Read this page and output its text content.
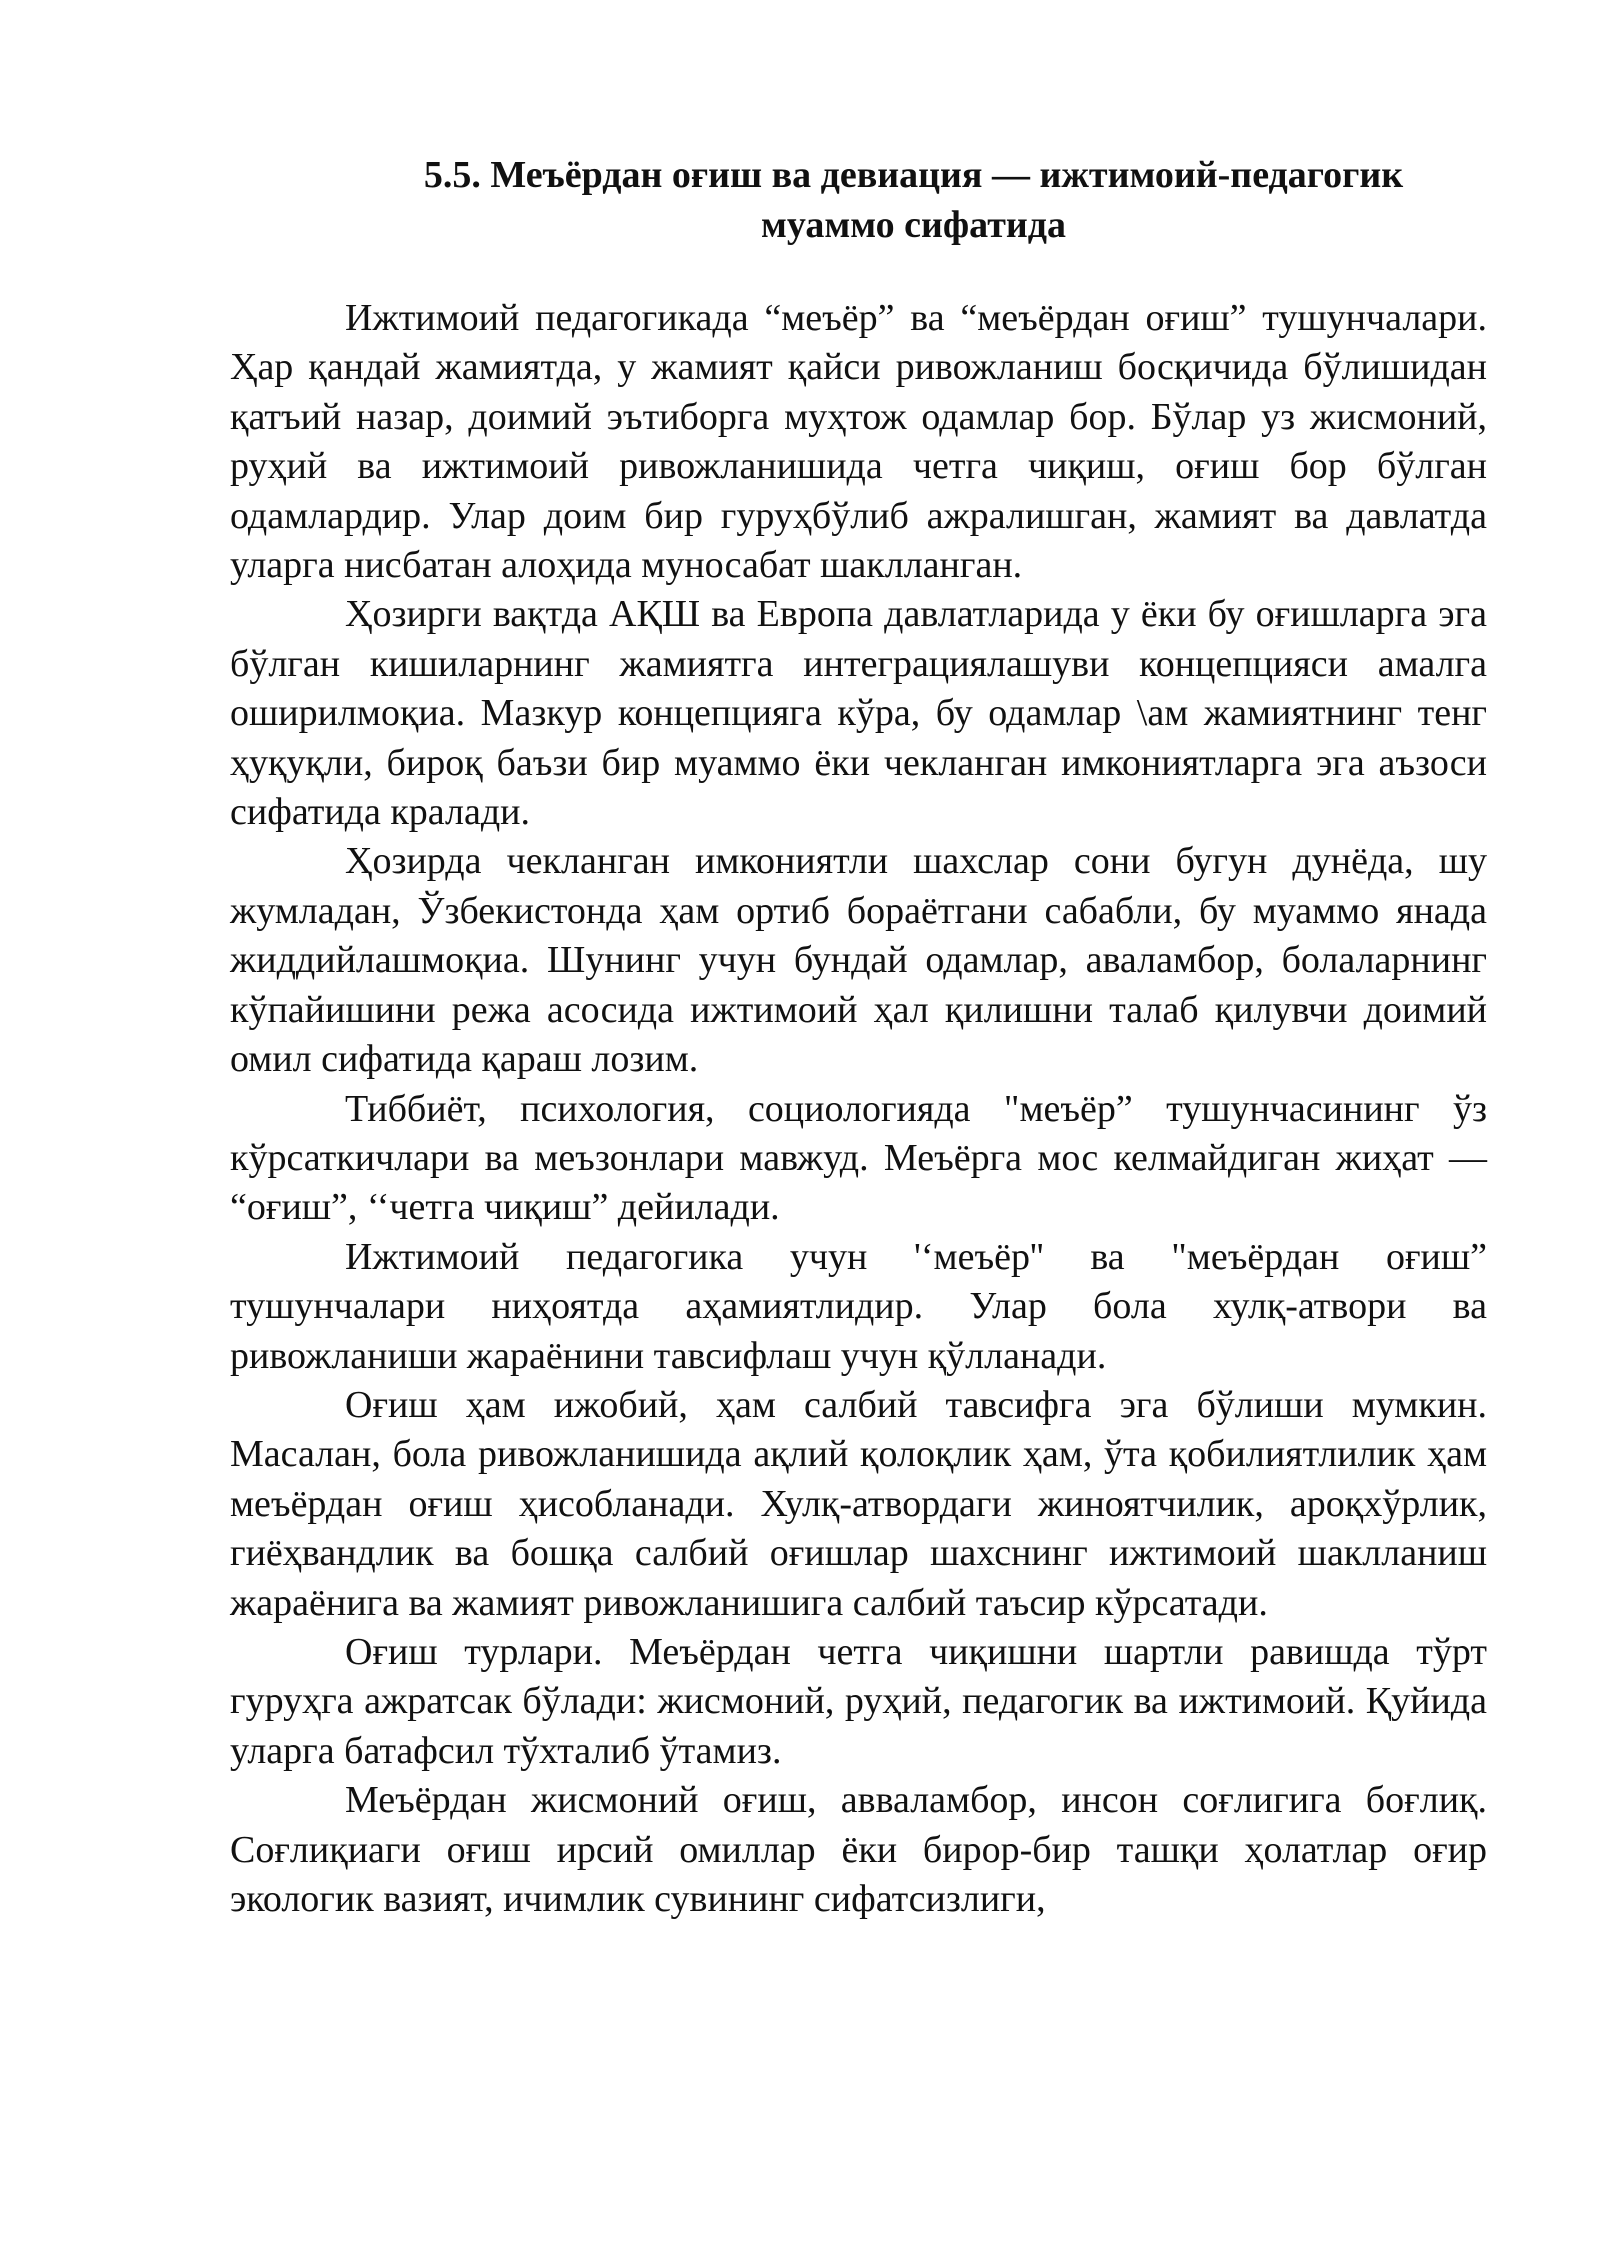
5.5. Меъёрдан оғиш ва девиация — ижтимоий-педагогик
муаммо сифатида

Ижтимоий педагогикада “меъёр” ва “меъёрдан оғиш” тушунчалари. Ҳар қандай жамиятда, у жамият қайси ривожланиш босқичида бўлишидан қатъий назар, доимий эътиборга муҳтож одамлар бор. Бўлар уз жисмоний, руҳий ва ижтимоий ривожланишида четга чиқиш, оғиш бор бўлган одамлардир. Улар доим бир гуруҳбўлиб ажралишган, жамият ва давлатда уларга нисбатан алоҳида муносабат шаклланган.

Ҳозирги вақтда АҚШ ва Европа давлатларида у ёки бу оғишларга эга бўлган кишиларнинг жамиятга интеграциялашуви концепцияси амалга оширилмоқиа. Мазкур концепцияга кўра, бу одамлар \ам жамиятнинг тенг ҳуқуқли, бироқ баъзи бир муаммо ёки чекланган имкониятларга эга аъзоси сифатида кралади.

Ҳозирда чекланган имкониятли шахслар сони бугун дунёда, шу жумладан, Ўзбекистонда ҳам ортиб бораётгани сабабли, бу муаммо янада жиддийлашмоқиа. Шунинг учун бундай одамлар, аваламбор, болаларнинг кўпайишини режа асосида ижтимоий ҳал қилишни талаб қилувчи доимий омил сифатида қараш лозим.

Тиббиёт, психология, социологияда "меъёр” тушунчасининг ўз кўрсаткичлари ва меъзонлари мавжуд. Меъёрга мос келмайдиган жиҳат — “оғиш”, ‘‘четга чиқиш” дейилади.

Ижтимоий педагогика учун '‘меъёр'' ва "меъёрдан оғиш” тушунчалари ниҳоятда аҳамиятлидир. Улар бола хулқ-атвори ва ривожланиши жараёнини тавсифлаш учун қўлланади.

Оғиш ҳам ижобий, ҳам салбий тавсифга эга бўлиши мумкин. Масалан, бола ривожланишида ақлий қолоқлик ҳам, ўта қобилиятлилик ҳам меъёрдан оғиш ҳисобланади. Хулқ-атвордаги жиноятчилик, ароқхўрлик, гиёҳвандлик ва бошқа салбий оғишлар шахснинг ижтимоий шаклланиш жараёнига ва жамият ривожланишига салбий таъсир кўрсатади.

Оғиш турлари. Меъёрдан четга чиқишни шартли равишда тўрт гуруҳга ажратсак бўлади: жисмоний, руҳий, педагогик ва ижтимоий. Қуйида уларга батафсил тўхталиб ўтамиз.

Меъёрдан жисмоний оғиш, авваламбор, инсон соғлигига боғлиқ. Соғлиқиаги оғиш ирсий омиллар ёки бирор-бир ташқи ҳолатлар оғир экологик вазият, ичимлик сувининг сифатсизлиги,
